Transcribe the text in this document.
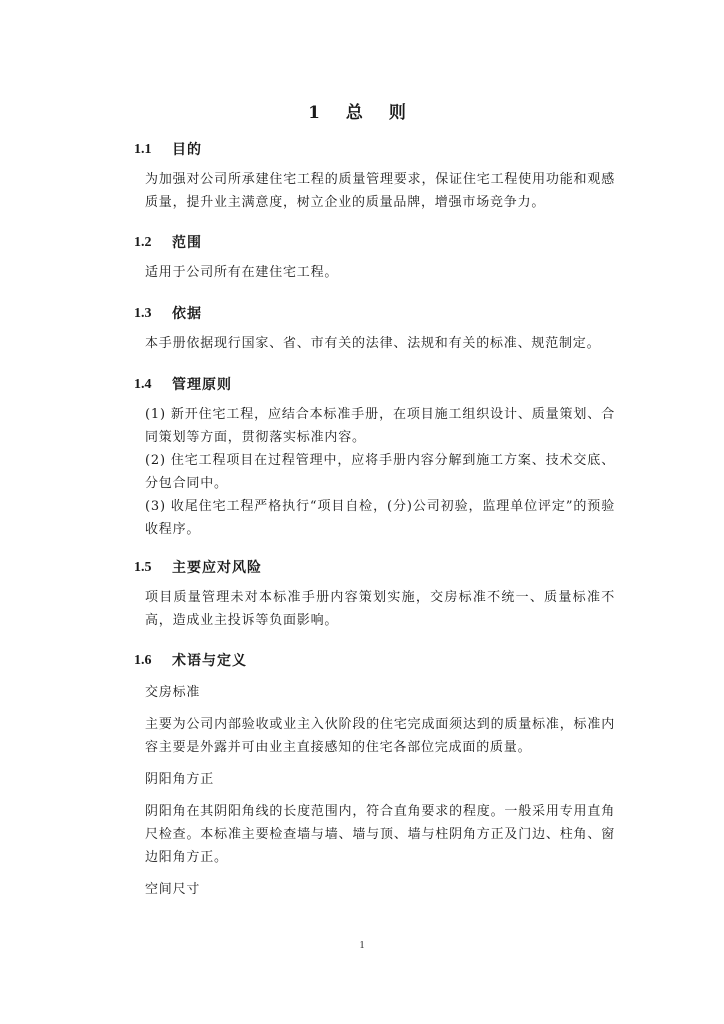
1 总 则
1.1	目的
为加强对公司所承建住宅工程的质量管理要求，保证住宅工程使用功能和观感质量，提升业主满意度，树立企业的质量品牌，增强市场竞争力。
1.2	范围
适用于公司所有在建住宅工程。
1.3	依据
本手册依据现行国家、省、市有关的法律、法规和有关的标准、规范制定。
1.4	管理原则
(1) 新开住宅工程，应结合本标准手册，在项目施工组织设计、质量策划、合同策划等方面，贯彻落实标准内容。
(2) 住宅工程项目在过程管理中，应将手册内容分解到施工方案、技术交底、分包合同中。
(3) 收尾住宅工程严格执行“项目自检，(分)公司初验，监理单位评定”的预验收程序。
1.5	主要应对风险
项目质量管理未对本标准手册内容策划实施，交房标准不统一、质量标准不高，造成业主投诉等负面影响。
1.6	术语与定义
交房标准
主要为公司内部验收或业主入伙阶段的住宅完成面须达到的质量标准，标准内容主要是外露并可由业主直接感知的住宅各部位完成面的质量。
阴阳角方正
阴阳角在其阴阳角线的长度范围内，符合直角要求的程度。一般采用专用直角尺检查。本标准主要检查墙与墙、墙与顶、墙与柱阴角方正及门边、柱角、窗边阳角方正。
空间尺寸
1
